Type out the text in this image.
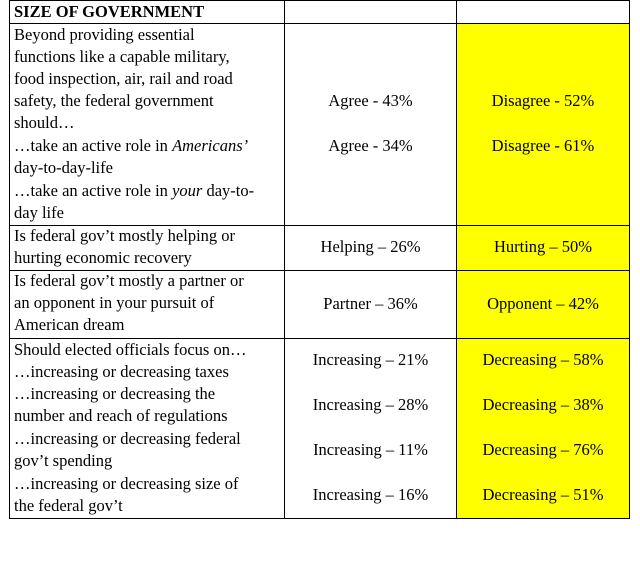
SIZE OF GOVERNMENT
Beyond providing essential
functions like a capable military,
food inspection, air, rail and road
safety, the federal government
should…
…take an active role in Americans’
day-to-day-life
…take an active role in your day-to-
day life
Agree - 43%
Agree - 34%
Disagree - 52%
Disagree - 61%
Is federal gov’t mostly helping or
hurting economic recovery
Helping – 26%	Hurting – 50%
Is federal gov’t mostly a partner or
an opponent in your pursuit of
American dream
Partner – 36%	Opponent – 42%
Should elected officials focus on…
…increasing or decreasing taxes
…increasing or decreasing the
number and reach of regulations
…increasing or decreasing federal
gov’t spending
…increasing or decreasing size of
the federal gov’t
Increasing – 21%
Increasing – 28%
Increasing – 11%
Increasing – 16%
Decreasing – 58%
Decreasing – 38%
Decreasing – 76%
Decreasing – 51%
